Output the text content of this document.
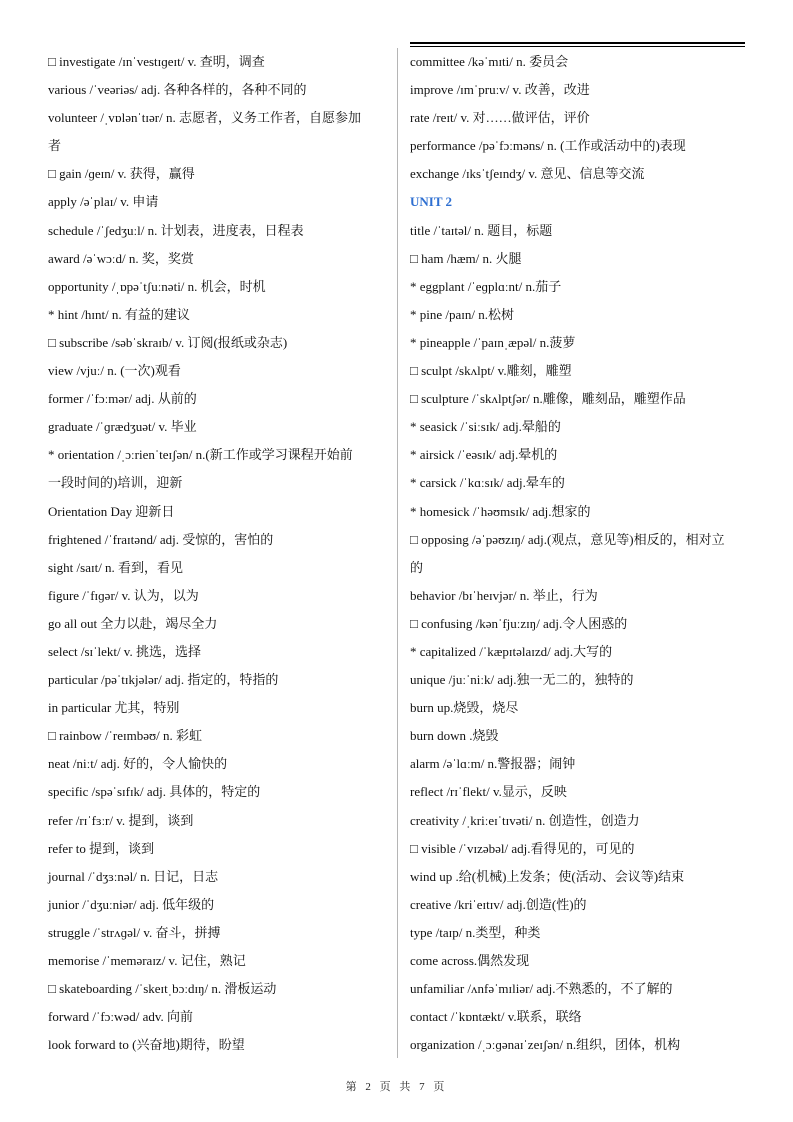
□ investigate /ɪnˈvestɪɡeɪt/ v. 查明，调查
various /ˈveəriəs/ adj. 各种各样的，各种不同的
volunteer /ˌvɒlənˈtɪər/ n. 志愿者，义务工作者，自愿参加
者
□ gain /ɡeɪn/ v. 获得，赢得
apply /əˈplaɪ/ v. 申请
schedule /ˈʃedʒuːl/ n. 计划表，进度表，日程表
award /əˈwɔːd/ n. 奖，奖赏
opportunity /ˌɒpəˈtʃuːnəti/ n. 机会，时机
* hint /hɪnt/ n. 有益的建议
□ subscribe /səbˈskraɪb/ v. 订阅(报纸或杂志)
view /vjuː/ n. (一次)观看
former /ˈfɔːmər/ adj. 从前的
graduate /ˈɡrædʒuət/ v. 毕业
* orientation /ˌɔːrienˈteɪʃən/ n.(新工作或学习课程开始前
一段时间的)培训，迎新
Orientation Day 迎新日
frightened /ˈfraɪtənd/ adj. 受惊的，害怕的
sight /saɪt/ n. 看到，看见
figure /ˈfɪɡər/ v. 认为，以为
go all out 全力以赴，竭尽全力
select /sɪˈlekt/ v. 挑选，选择
particular /pəˈtɪkjələr/ adj. 指定的，特指的
in particular 尤其，特别
□ rainbow /ˈreɪmbəʊ/ n. 彩虹
neat /niːt/ adj. 好的，令人愉快的
specific /spəˈsɪfɪk/ adj. 具体的，特定的
refer /rɪˈfɜːr/ v. 提到，谈到
refer to 提到，谈到
journal /ˈdʒɜːnəl/ n. 日记，日志
junior /ˈdʒuːniər/ adj. 低年级的
struggle /ˈstrʌɡəl/ v. 奋斗，拼搏
memorise /ˈmeməraɪz/ v. 记住，熟记
□ skateboarding /ˈskeɪtˌbɔːdɪŋ/ n. 滑板运动
forward /ˈfɔːwəd/ adv. 向前
look forward to (兴奋地)期待，盼望
committee /kəˈmɪti/ n. 委员会
improve /ɪmˈpruːv/ v. 改善，改进
rate /reɪt/ v. 对……做评估，评价
performance /pəˈfɔːməns/ n. (工作或活动中的)表现
exchange /ɪksˈtʃeɪndʒ/ v. 意见、信息等交流
UNIT 2
title /ˈtaɪtəl/ n. 题目，标题
□ ham /hæm/ n. 火腿
* eggplant /ˈeɡplɑːnt/ n.茄子
* pine /paɪn/ n.松树
* pineapple /ˈpaɪnˌæpəl/ n.菠萝
□ sculpt /skʌlpt/ v.雕刻，雕塑
□ sculpture /ˈskʌlptʃər/ n.雕像，雕刻品，雕塑作品
* seasick /ˈsiːsɪk/ adj.晕船的
* airsick /ˈeəsɪk/ adj.晕机的
* carsick /ˈkɑːsɪk/ adj.晕车的
* homesick /ˈhəʊmsɪk/ adj.想家的
□ opposing /əˈpəʊzɪŋ/ adj.(观点，意见等)相反的，相对立
的
behavior /bɪˈheɪvjər/ n. 举止，行为
□ confusing /kənˈfjuːzɪŋ/ adj.令人困惑的
* capitalized /ˈkæpɪtəlaɪzd/ adj.大写的
unique /juːˈniːk/ adj.独一无二的，独特的
burn up.烧毁，烧尽
burn down .烧毁
alarm /əˈlɑːm/ n.警报器；闹钟
reflect /rɪˈflekt/ v.显示，反映
creativity /ˌkriːeɪˈtɪvəti/ n. 创造性，创造力
□ visible /ˈvɪzəbəl/ adj.看得见的，可见的
wind up .给(机械)上发条；使(活动、会议等)结束
creative /kriˈeɪtɪv/ adj.创造(性)的
type /taɪp/ n.类型，种类
come across.偶然发现
unfamiliar /ʌnfəˈmɪliər/ adj.不熟悉的，不了解的
contact /ˈkɒntækt/ v.联系，联络
organization /ˌɔːɡənaɪˈzeɪʃən/ n.组织，团体，机构
第 2 页 共 7 页
